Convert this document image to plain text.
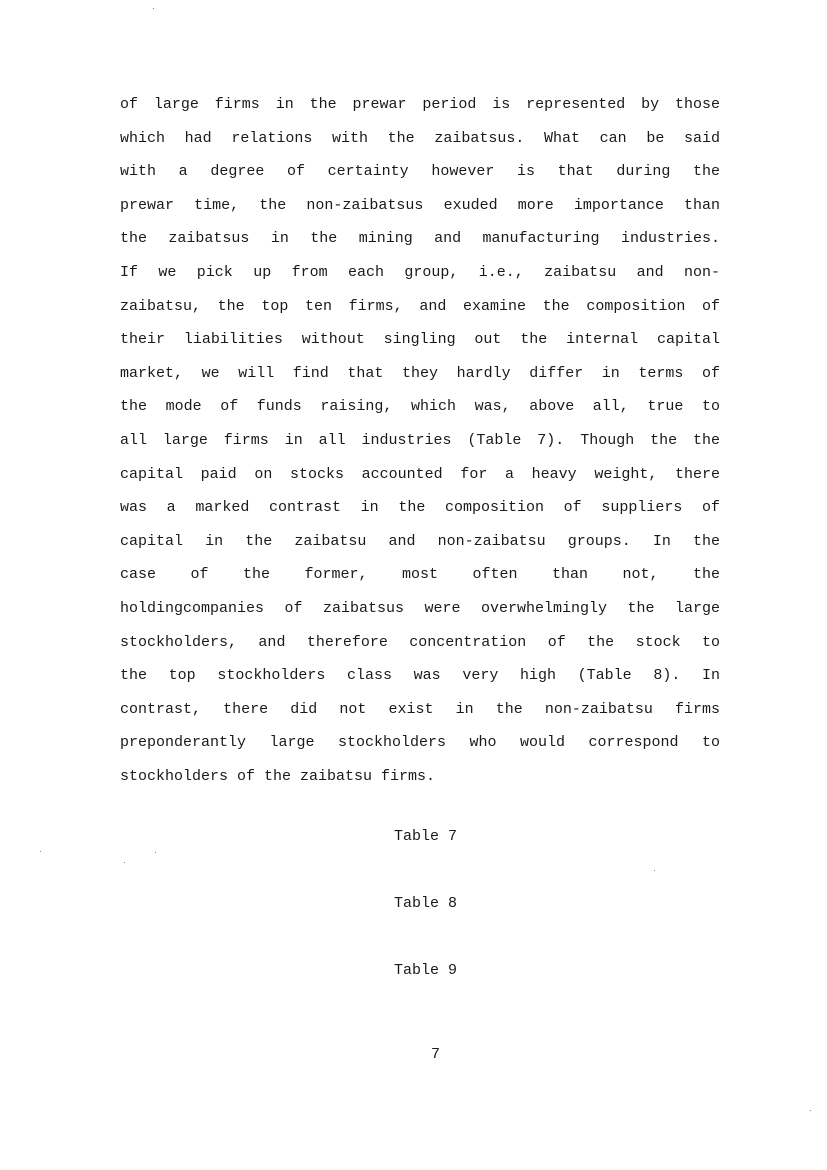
of large firms in the prewar period is represented by those
which had relations with the zaibatsus. What can be said
with a degree of certainty however is that during the
prewar time, the non-zaibatsus exuded more importance than
the zaibatsus in the mining and manufacturing industries.
If we pick up from each group, i.e., zaibatsu and non-
zaibatsu, the top ten firms, and examine the composition of
their liabilities without singling out the internal capital
market, we will find that they hardly differ in terms of
the mode of funds raising, which was, above all, true to
all large firms in all industries (Table 7). Though the the
capital paid on stocks accounted for a heavy weight, there
was a marked contrast in the composition of suppliers of
capital in the zaibatsu and non-zaibatsu groups. In the
case of the former, most often than not, the
holdingcompanies of zaibatsus were overwhelmingly the large
stockholders, and therefore concentration of the stock to
the top stockholders class was very high (Table 8). In
contrast, there did not exist in the non-zaibatsu firms
preponderantly large stockholders who would correspond to
stockholders of the zaibatsu firms.

Table 7

Table 8

Table 9

7
